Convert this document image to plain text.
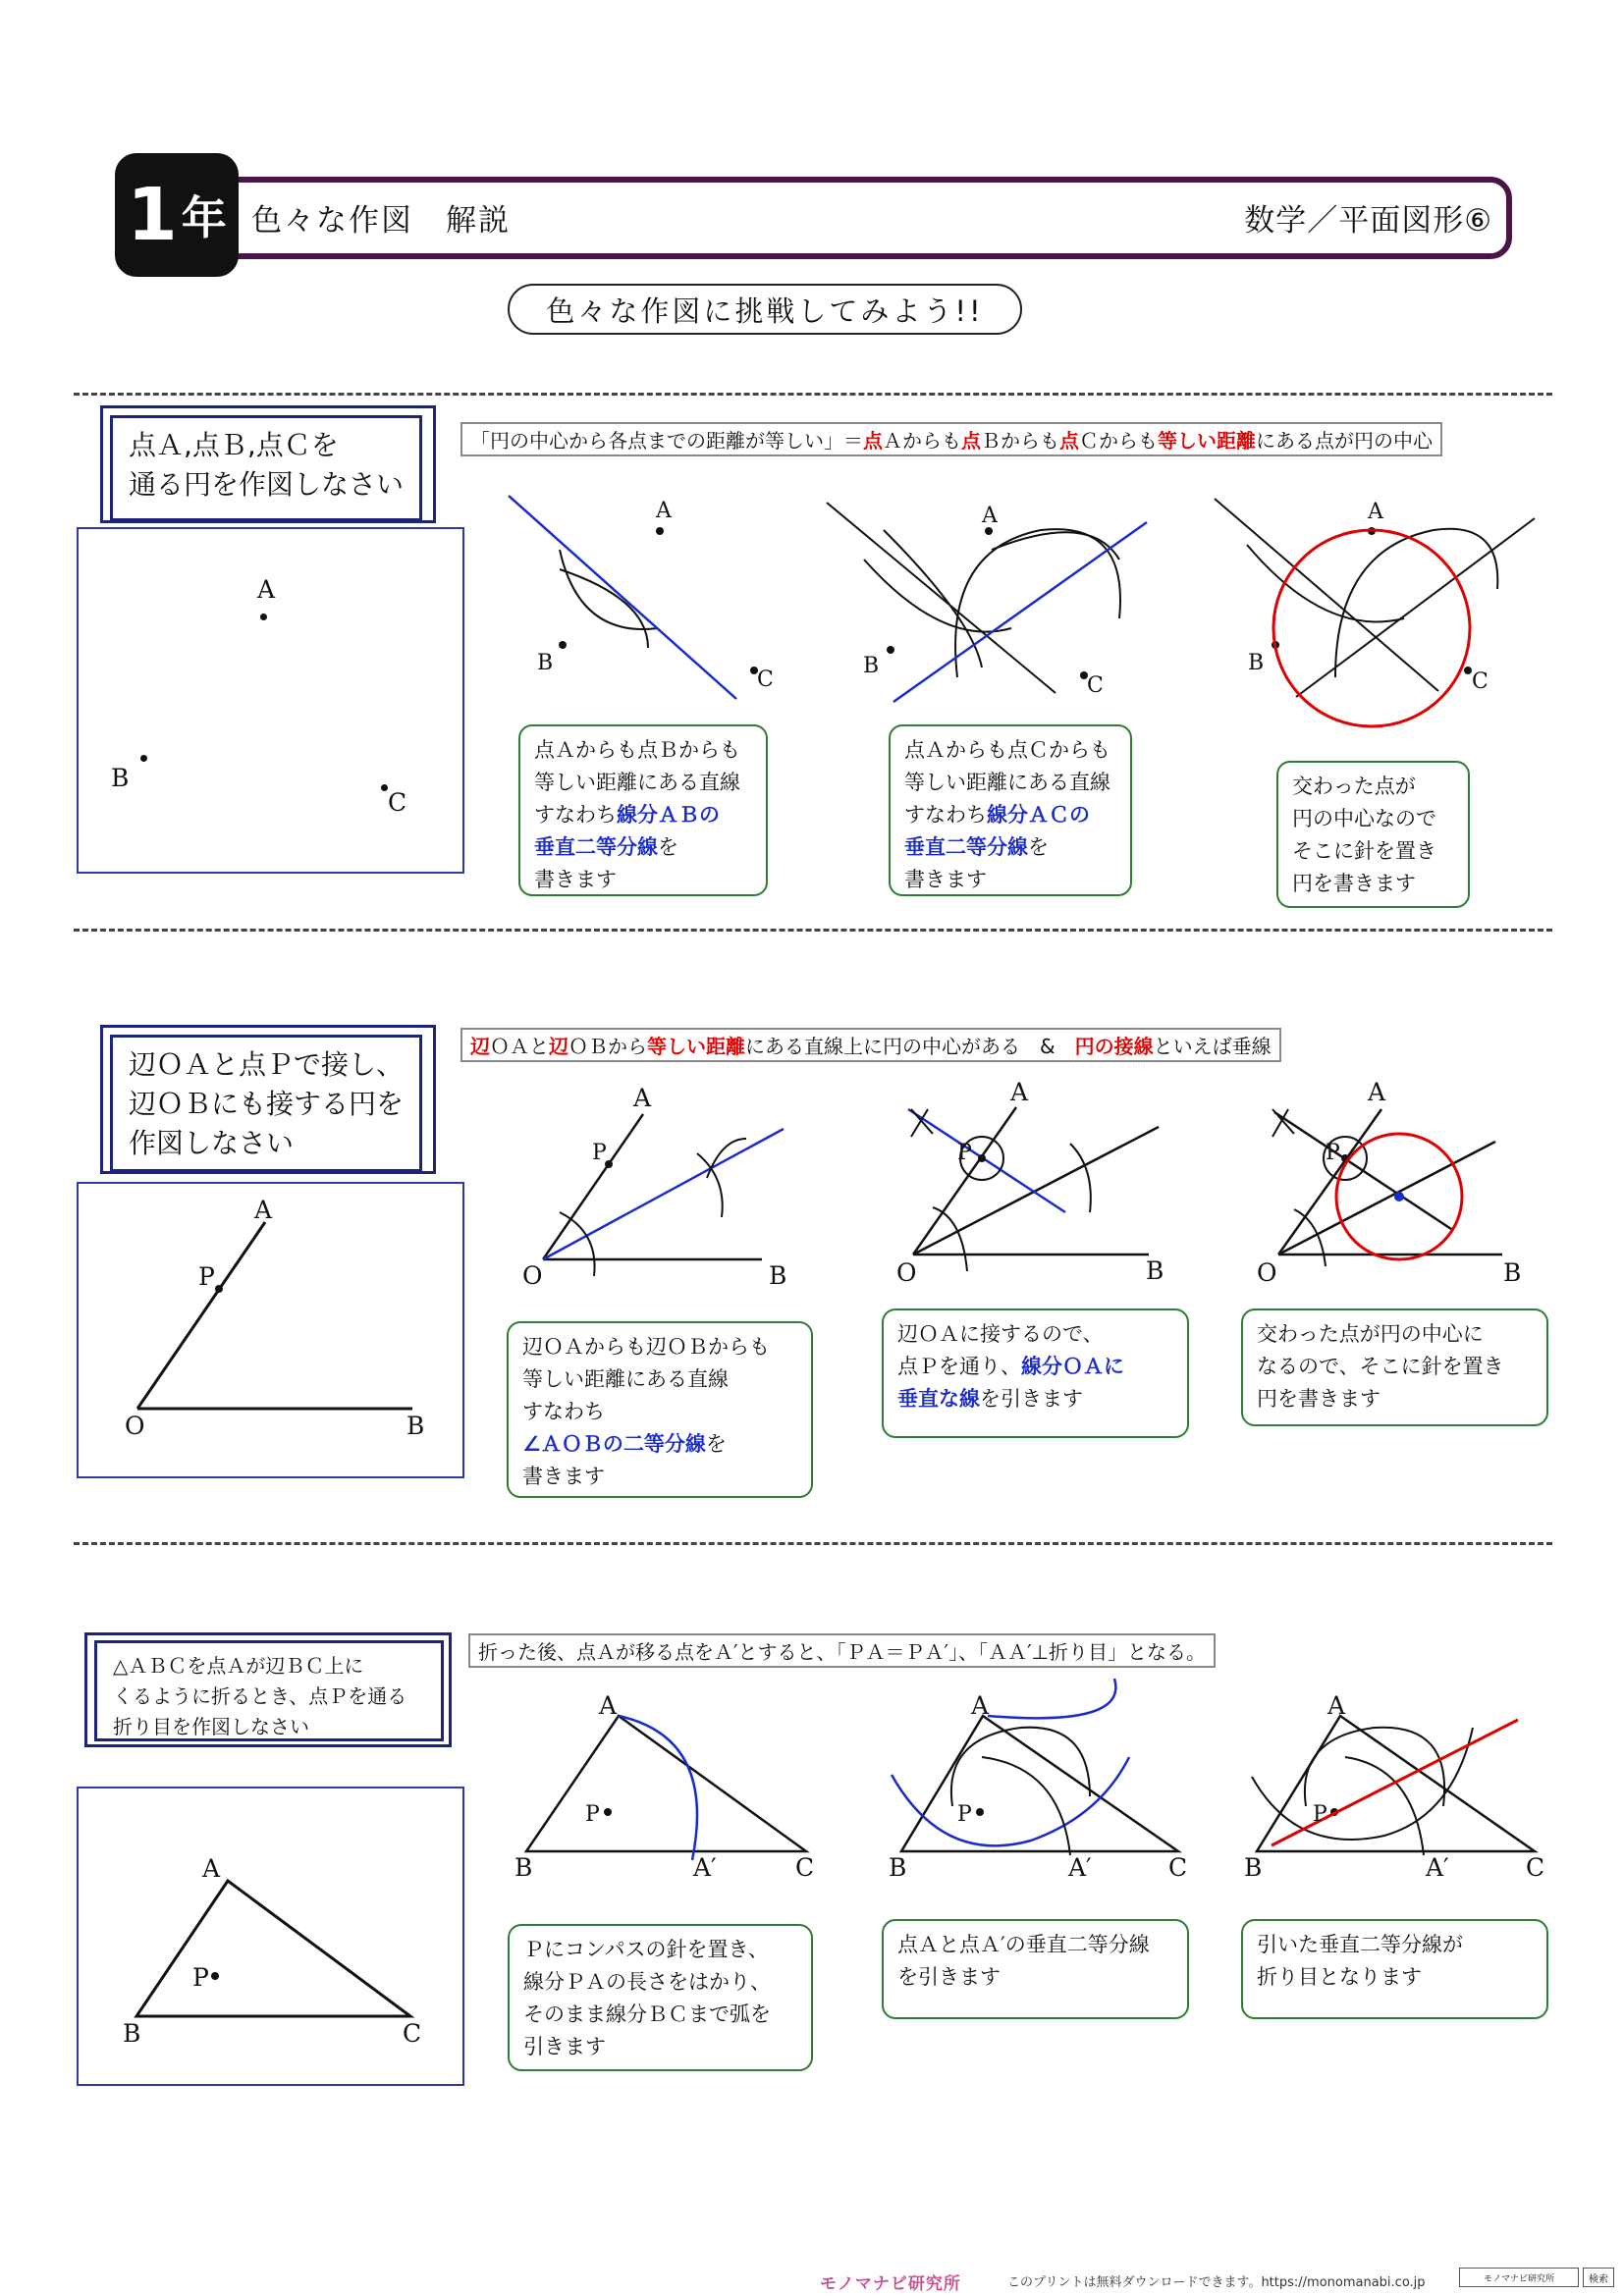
1 年 色々な作図　解説	数学／平面図形⑥
色々な作図に挑戦してみよう!!
点Ａ,点Ｂ,点Ｃを
通る円を作図しなさい
A
B
C
「円の中心から各点までの距離が等しい」＝点Ａからも点Ｂからも点Ｃからも等しい距離にある点が円の中心
A
B
C
A
B
C
A
B
C
点Ａからも点Ｂからも
等しい距離にある直線
すなわち線分ＡＢの
垂直二等分線を
書きます
点Ａからも点Ｃからも
等しい距離にある直線
すなわち線分ＡＣの
垂直二等分線を
書きます
交わった点が
円の中心なので
そこに針を置き
円を書きます
辺ＯＡと点Ｐで接し、
辺ＯＢにも接する円を
作図しなさい
A
P
O	B
辺ＯＡと辺ＯＢから等しい距離にある直線上に円の中心がある　&　円の接線といえば垂線
A
P
O	B
A
P
O	B
A
P
O	B
辺ＯＡからも辺ＯＢからも
等しい距離にある直線
すなわち
∠ＡＯＢの二等分線を
書きます
辺ＯＡに接するので、
点Ｐを通り、線分ＯＡに
垂直な線を引きます
交わった点が円の中心に
なるので、そこに針を置き
円を書きます
△ＡＢＣを点Ａが辺ＢＣ上に
くるように折るとき、点Ｐを通る
折り目を作図しなさい
A
P
B	C
折った後、点Ａが移る点をＡ′とすると、「ＰＡ＝ＰＡ′」、「ＡＡ′⊥折り目」となる。
A
P
B	A′	C
A
P
B	A′	C
A
P
B	A′	C
Ｐにコンパスの針を置き、
線分ＰＡの長さをはかり、
そのまま線分ＢＣまで弧を
引きます
点Ａと点Ａ′の垂直二等分線
を引きます
引いた垂直二等分線が
折り目となります
モノマナビ研究所	このプリントは無料ダウンロードできます。https://monomanabi.co.jp	モノマナビ研究所	検索
